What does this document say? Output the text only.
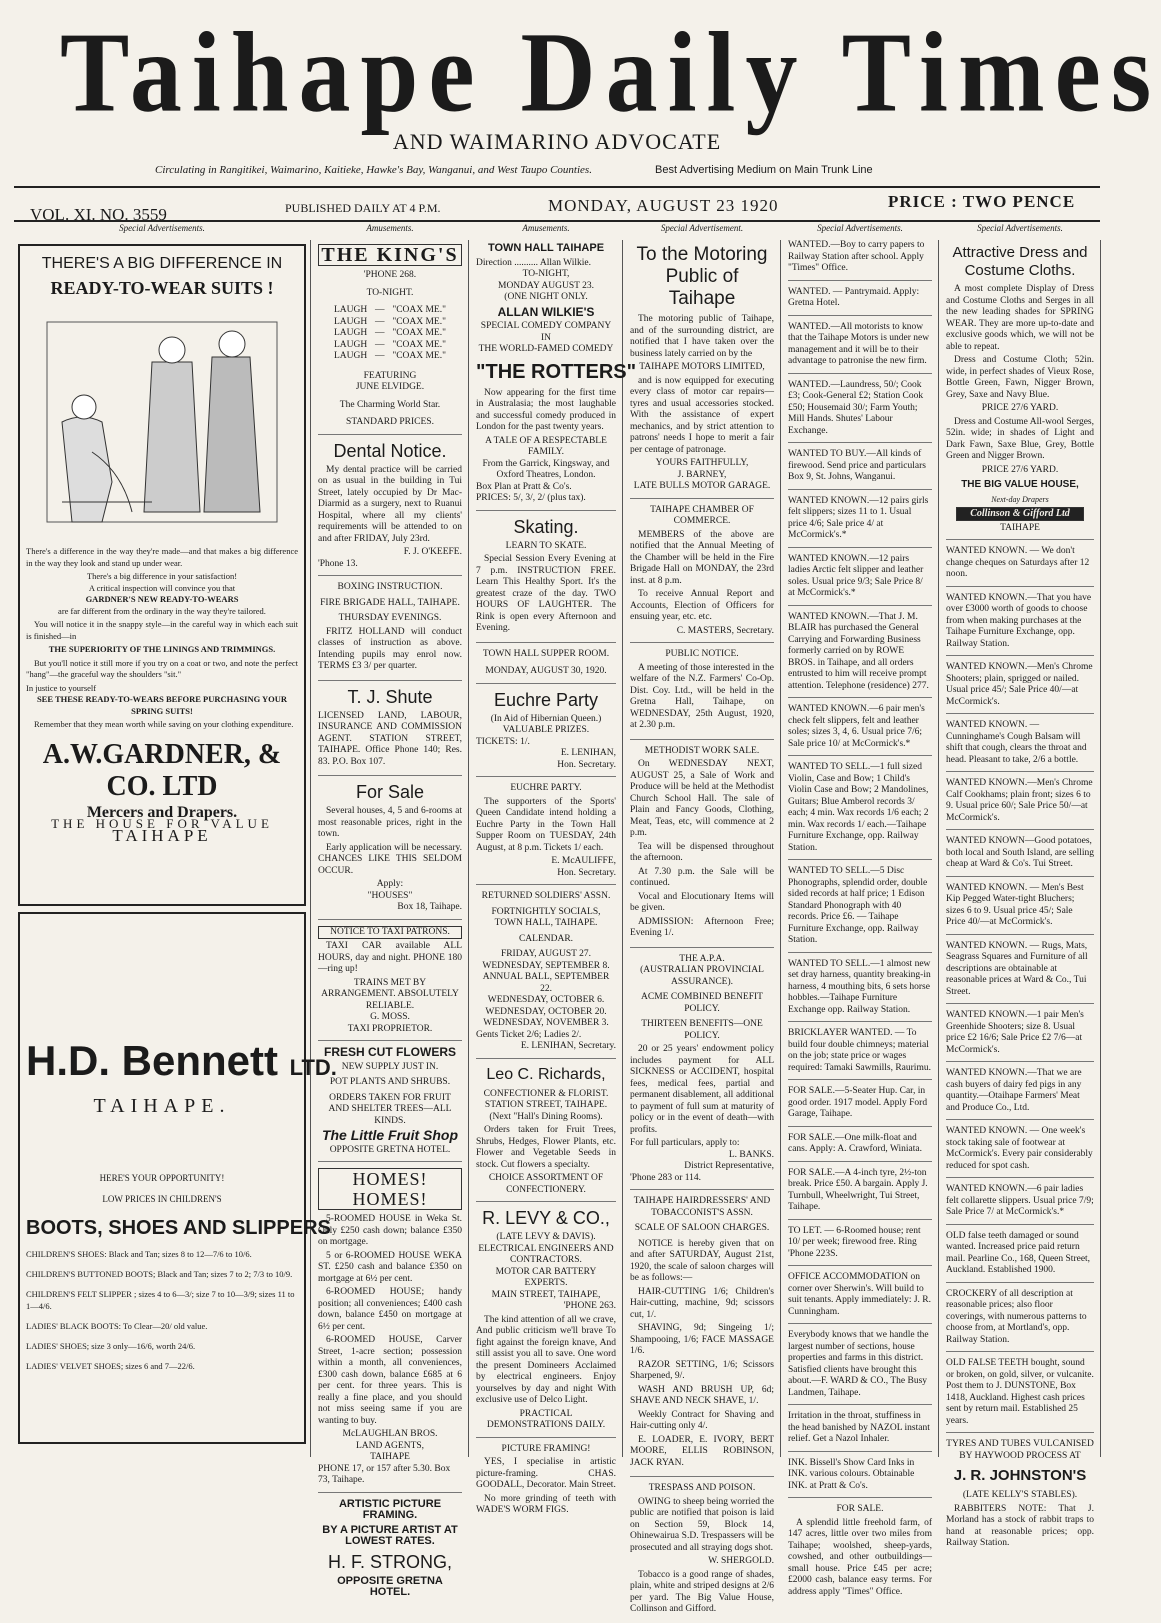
Taihape Daily Times
AND WAIMARINO ADVOCATE
Circulating in Rangitikei, Waimarino, Kaitieke, Hawke's Bay, Wanganui, and West Taupo Counties.	Best Advertising Medium on Main Trunk Line
VOL. XI. NO. 3559	PUBLISHED DAILY AT 4 P.M.	MONDAY, AUGUST 23 1920	PRICE : TWO PENCE
Special Advertisements.	Amusements.	Amusements.	Special Advertisement.	Special Advertisements.	Special Advertisements.
THERE'S A BIG DIFFERENCE IN
READY-TO-WEAR SUITS !

There's a difference in the way they're made—and that makes a big difference in the way they look and stand up under wear.

There's a big difference in your satisfaction!
A critical inspection will convince you that
GARDNER'S NEW READY-TO-WEARS
are far different from the ordinary in the way they're tailored.

You will notice it in the snappy style—in the careful way in which each suit is finished—in

THE SUPERIORITY OF THE LININGS AND TRIMMINGS.

But you'll notice it still more if you try on a coat or two, and note the perfect "hang"—the graceful way the shoulders "sit."

In justice to yourself
SEE THESE READY-TO-WEARS BEFORE PURCHASING YOUR SPRING SUITS!

Remember that they mean worth while saving on your clothing expenditure.

A.W.GARDNER, & CO. LTD
Mercers and Drapers.
THE HOUSE FOR VALUE
TAIHAPE
H.D. Bennett LTD.
TAIHAPE.
HERE'S YOUR OPPORTUNITY!
LOW PRICES IN CHILDREN'S
BOOTS, SHOES AND SLIPPERS
CHILDREN'S SHOES: Black and Tan; sizes 8 to 12—7/6 to 10/6.
CHILDREN'S BUTTONED BOOTS; Black and Tan; sizes 7 to 2; 7/3 to 10/9.
CHILDREN'S FELT SLIPPER ; sizes 4 to 6—3/; size 7 to 10—3/9; sizes 11 to 1—4/6.
LADIES' BLACK BOOTS: To Clear—20/ old value.
LADIES' SHOES; size 3 only—16/6, worth 24/6.
LADIES' VELVET SHOES; sizes 6 and 7—22/6.
THE KING'S
'PHONE 268.
TO-NIGHT.
LAUGH — "COAX ME."
LAUGH — "COAX ME."
LAUGH — "COAX ME."
LAUGH — "COAX ME."
LAUGH — "COAX ME."
FEATURING
JUNE ELVIDGE.
The Charming World Star.
STANDARD PRICES.
Dental Notice.

My dental practice will be carried on as usual in the building in Tui Street, lately occupied by Dr Mac-Diarmid as a surgery, next to Ruanui Hospital, where all my clients' requirements will be attended to on and after FRIDAY, July 23rd.

F. J. O'KEEFE.
'Phone 13.
BOXING INSTRUCTION.
FIRE BRIGADE HALL, TAIHAPE.
THURSDAY EVENINGS.

FRITZ HOLLAND will conduct classes of instruction as above. Intending pupils may enrol now. TERMS £3 3/ per quarter.

T. J. Shute

LICENSED LAND, LABOUR, INSURANCE AND COMMISSION AGENT. STATION STREET, TAIHAPE. Office Phone 140; Res. 83. P.O. Box 107.

For Sale

Several houses, 4, 5 and 6-rooms at most reasonable prices, right in the town.

Early application will be necessary. CHANCES LIKE THIS SELDOM OCCUR.

Apply:
"HOUSES"
Box 18, Taihape.
NOTICE TO TAXI PATRONS.

TAXI CAR available ALL HOURS, day and night. PHONE 180—ring up!

TRAINS MET BY ARRANGEMENT. ABSOLUTELY RELIABLE.
G. MOSS.
TAXI PROPRIETOR.
FRESH CUT FLOWERS
NEW SUPPLY JUST IN.
POT PLANTS AND SHRUBS.
ORDERS TAKEN FOR FRUIT AND SHELTER TREES—ALL KINDS.
The Little Fruit Shop
OPPOSITE GRETNA HOTEL.
HOMES! HOMES!

5-ROOMED HOUSE in Weka St. Only £250 cash down; balance £350 on mortgage.

5 or 6-ROOMED HOUSE WEKA ST. £250 cash and balance £350 on mortgage at 6½ per cent.

6-ROOMED HOUSE; handy position; all conveniences; £400 cash down, balance £450 on mortgage at 6½ per cent.

6-ROOMED HOUSE, Carver Street, 1-acre section; possession within a month, all conveniences, £300 cash down, balance £685 at 6 per cent. for three years. This is really a fine place, and you should not miss seeing same if you are wanting to buy.

McLAUGHLAN BROS.
LAND AGENTS,
TAIHAPE
PHONE 17, or 157 after 5.30. Box 73, Taihape.
ARTISTIC PICTURE FRAMING.
BY A PICTURE ARTIST AT LOWEST RATES.
H. F. STRONG,
OPPOSITE GRETNA HOTEL.
TOWN HALL TAIHAPE
Direction .......... Allan Wilkie.
TO-NIGHT,
MONDAY AUGUST 23.
(ONE NIGHT ONLY.
ALLAN WILKIE'S
SPECIAL COMEDY COMPANY
IN
THE WORLD-FAMED COMEDY
"THE ROTTERS"

Now appearing for the first time in Australasia; the most laughable and successful comedy produced in London for the past twenty years.

A TALE OF A RESPECTABLE FAMILY.
From the Garrick, Kingsway, and Oxford Theatres, London.
Box Plan at Pratt & Co's.
PRICES: 5/, 3/, 2/ (plus tax).
Skating.
LEARN TO SKATE.

Special Session Every Evening at 7 p.m. INSTRUCTION FREE. Learn This Healthy Sport. It's the greatest craze of the day. TWO HOURS OF LAUGHTER. The Rink is open every Afternoon and Evening.

TOWN HALL SUPPER ROOM.
MONDAY, AUGUST 30, 1920.
Euchre Party
(In Aid of Hibernian Queen.)
VALUABLE PRIZES.
TICKETS: 1/.
E. LENIHAN,
Hon. Secretary.
EUCHRE PARTY.

The supporters of the Sports' Queen Candidate intend holding a Euchre Party in the Town Hall Supper Room on TUESDAY, 24th August, at 8 p.m. Tickets 1/ each.

E. McAULIFFE,
Hon. Secretary.
RETURNED SOLDIERS' ASSN.
FORTNIGHTLY SOCIALS,
TOWN HALL, TAIHAPE.
CALENDAR.
FRIDAY, AUGUST 27.
WEDNESDAY, SEPTEMBER 8.
ANNUAL BALL, SEPTEMBER 22.
WEDNESDAY, OCTOBER 6.
WEDNESDAY, OCTOBER 20.
WEDNESDAY, NOVEMBER 3.
Gents Ticket 2/6; Ladies 2/.
E. LENIHAN, Secretary.
Leo C. Richards,
CONFECTIONER & FLORIST. STATION STREET, TAIHAPE. (Next "Hall's Dining Rooms).

Orders taken for Fruit Trees, Shrubs, Hedges, Flower Plants, etc. Flower and Vegetable Seeds in stock. Cut flowers a specialty.

CHOICE ASSORTMENT OF CONFECTIONERY.
R. LEVY & CO.,
(LATE LEVY & DAVIS).
ELECTRICAL ENGINEERS AND CONTRACTORS.
MOTOR CAR BATTERY EXPERTS.
MAIN STREET, TAIHAPE,
'PHONE 263.

The kind attention of all we crave, And public criticism we'll brave To fight against the foreign knave, And still assist you all to save. One word the present Domineers Acclaimed by electrical engineers. Enjoy yourselves by day and night With exclusive use of Delco Light.

PRACTICAL DEMONSTRATIONS DAILY.
PICTURE FRAMING!

YES, I specialise in artistic picture-framing. CHAS. GOODALL, Decorator. Main Street.

No more grinding of teeth with WADE'S WORM FIGS.

To the Motoring Public of Taihape

The motoring public of Taihape, and of the surrounding district, are notified that I have taken over the business lately carried on by the

TAIHAPE MOTORS LIMITED,

and is now equipped for executing every class of motor car repairs—tyres and usual accessories stocked. With the assistance of expert mechanics, and by strict attention to patrons' needs I hope to merit a fair per centage of patronage.

YOURS FAITHFULLY,
J. BARNEY,
LATE BULLS MOTOR GARAGE.
TAIHAPE CHAMBER OF COMMERCE.

MEMBERS of the above are notified that the Annual Meeting of the Chamber will be held in the Fire Brigade Hall on MONDAY, the 23rd inst. at 8 p.m.

To receive Annual Report and Accounts, Election of Officers for ensuing year, etc. etc.

C. MASTERS, Secretary.
PUBLIC NOTICE.

A meeting of those interested in the welfare of the N.Z. Farmers' Co-Op. Dist. Coy. Ltd., will be held in the Gretna Hall, Taihape, on WEDNESDAY, 25th August, 1920, at 2.30 p.m.

METHODIST WORK SALE.

On WEDNESDAY NEXT, AUGUST 25, a Sale of Work and Produce will be held at the Methodist Church School Hall. The sale of Plain and Fancy Goods, Clothing, Meat, Teas, etc, will commence at 2 p.m.

Tea will be dispensed throughout the afternoon.

At 7.30 p.m. the Sale will be continued.

Vocal and Elocutionary Items will be given.

ADMISSION: Afternoon Free; Evening 1/.

THE A.P.A.
(AUSTRALIAN PROVINCIAL ASSURANCE).
ACME COMBINED BENEFIT POLICY.
THIRTEEN BENEFITS—ONE POLICY.

20 or 25 years' endowment policy includes payment for ALL SICKNESS or ACCIDENT, hospital fees, medical fees, partial and permanent disablement, all additional to payment of full sum at maturity of policy or in the event of death—with profits.

For full particulars, apply to:
L. BANKS.
District Representative,
'Phone 283 or 114.
TAIHAPE HAIRDRESSERS' AND TOBACCONIST'S ASSN.
SCALE OF SALOON CHARGES.

NOTICE is hereby given that on and after SATURDAY, August 21st, 1920, the scale of saloon charges will be as follows:—

HAIR-CUTTING 1/6; Children's Hair-cutting, machine, 9d; scissors cut, 1/.

SHAVING, 9d; Singeing 1/; Shampooing, 1/6; FACE MASSAGE 1/6.

RAZOR SETTING, 1/6; Scissors Sharpened, 9/.

WASH AND BRUSH UP, 6d; SHAVE AND NECK SHAVE, 1/.

Weekly Contract for Shaving and Hair-cutting only 4/.

E. LOADER, E. IVORY, BERT MOORE, ELLIS ROBINSON, JACK RYAN.

TRESPASS AND POISON.

OWING to sheep being worried the public are notified that poison is laid on Section 59, Block 14, Ohinewairua S.D. Trespassers will be prosecuted and all straying dogs shot.

W. SHERGOLD.

Tobacco is a good range of shades, plain, white and striped designs at 2/6 per yard. The Big Value House, Collinson and Gifford.

WANTED.—Boy to carry papers to Railway Station after school. Apply "Times" Office.
WANTED. — Pantrymaid. Apply: Gretna Hotel.
WANTED.—All motorists to know that the Taihape Motors is under new management and it will be to their advantage to patronise the new firm.
WANTED.—Laundress, 50/; Cook £3; Cook-General £2; Station Cook £50; Housemaid 30/; Farm Youth; Mill Hands. Shutes' Labour Exchange.
WANTED TO BUY.—All kinds of firewood. Send price and particulars Box 9, St. Johns, Wanganui.
WANTED KNOWN.—12 pairs girls felt slippers; sizes 11 to 1. Usual price 4/6; Sale price 4/ at McCormick's.*
WANTED KNOWN.—12 pairs ladies Arctic felt slipper and leather soles. Usual price 9/3; Sale Price 8/ at McCormick's.*
WANTED KNOWN.—That J. M. BLAIR has purchased the General Carrying and Forwarding Business formerly carried on by ROWE BROS. in Taihape, and all orders entrusted to him will receive prompt attention. Telephone (residence) 277.
WANTED KNOWN.—6 pair men's check felt slippers, felt and leather soles; sizes 3, 4, 6. Usual price 7/6; Sale price 10/ at McCormick's.*
WANTED TO SELL.—1 full sized Violin, Case and Bow; 1 Child's Violin Case and Bow; 2 Mandolines, Guitars; Blue Amberol records 3/ each; 4 min. Wax records 1/6 each; 2 min. Wax records 1/ each.—Taihape Furniture Exchange, opp. Railway Station.
WANTED TO SELL.—5 Disc Phonographs, splendid order, double sided records at half price; 1 Edison Standard Phonograph with 40 records. Price £6. — Taihape Furniture Exchange, opp. Railway Station.
WANTED TO SELL.—1 almost new set dray harness, quantity breaking-in harness, 4 mouthing bits, 6 sets horse hobbles.—Taihape Furniture Exchange opp. Railway Station.
BRICKLAYER WANTED. — To build four double chimneys; material on the job; state price or wages required: Tamaki Sawmills, Raurimu.
FOR SALE.—5-Seater Hup. Car, in good order. 1917 model. Apply Ford Garage, Taihape.
FOR SALE.—One milk-float and cans. Apply: A. Crawford, Winiata.
FOR SALE.—A 4-inch tyre, 2½-ton break. Price £50. A bargain. Apply J. Turnbull, Wheelwright, Tui Street, Taihape.
TO LET. — 6-Roomed house; rent 10/ per week; firewood free. Ring 'Phone 223S.
OFFICE ACCOMMODATION on corner over Sherwin's. Will build to suit tenants. Apply immediately: J. R. Cunningham.
Everybody knows that we handle the largest number of sections, house properties and farms in this district. Satisfied clients have brought this about.—F. WARD & CO., The Busy Landmen, Taihape.
Irritation in the throat, stuffiness in the head banished by NAZOL instant relief. Get a Nazol Inhaler.
INK. Bissell's Show Card Inks in INK. various colours. Obtainable INK. at Pratt & Co's.
FOR SALE.

A splendid little freehold farm, of 147 acres, little over two miles from Taihape; woolshed, sheep-yards, cowshed, and other outbuildings—small house. Price £45 per acre; £2000 cash, balance easy terms. For address apply "Times" Office.

Attractive Dress and Costume Cloths.

A most complete Display of Dress and Costume Cloths and Serges in all the new leading shades for SPRING WEAR. They are more up-to-date and exclusive goods which, we will not be able to repeat.

Dress and Costume Cloth; 52in. wide, in perfect shades of Vieux Rose, Bottle Green, Fawn, Nigger Brown, Grey, Saxe and Navy Blue.

PRICE 27/6 YARD.

Dress and Costume All-wool Serges, 52in. wide; in shades of Light and Dark Fawn, Saxe Blue, Grey, Bottle Green and Nigger Brown.

PRICE 27/6 YARD.
THE BIG VALUE HOUSE,
Next-day Drapers
Collinson & Gifford Ltd
TAIHAPE
WANTED KNOWN. — We don't change cheques on Saturdays after 12 noon.
WANTED KNOWN.—That you have over £3000 worth of goods to choose from when making purchases at the Taihape Furniture Exchange, opp. Railway Station.
WANTED KNOWN.—Men's Chrome Shooters; plain, sprigged or nailed. Usual price 45/; Sale Price 40/—at McCormick's.
WANTED KNOWN. — Cunninghame's Cough Balsam will shift that cough, clears the throat and head. Pleasant to take, 2/6 a bottle.
WANTED KNOWN.—Men's Chrome Calf Cookhams; plain front; sizes 6 to 9. Usual price 60/; Sale Price 50/—at McCormick's.
WANTED KNOWN—Good potatoes, both local and South Island, are selling cheap at Ward & Co's. Tui Street.
WANTED KNOWN. — Men's Best Kip Pegged Water-tight Bluchers; sizes 6 to 9. Usual price 45/; Sale Price 40/—at McCormick's.
WANTED KNOWN. — Rugs, Mats, Seagrass Squares and Furniture of all descriptions are obtainable at reasonable prices at Ward & Co., Tui Street.
WANTED KNOWN.—1 pair Men's Greenhide Shooters; size 8. Usual price £2 16/6; Sale Price £2 7/6—at McCormick's.
WANTED KNOWN.—That we are cash buyers of dairy fed pigs in any quantity.—Otaihape Farmers' Meat and Produce Co., Ltd.
WANTED KNOWN. — One week's stock taking sale of footwear at McCormick's. Every pair considerably reduced for spot cash.
WANTED KNOWN.—6 pair ladies felt collarette slippers. Usual price 7/9; Sale Price 7/ at McCormick's.*
OLD false teeth damaged or sound wanted. Increased price paid return mail. Pearline Co., 168, Queen Street, Auckland. Established 1900.
CROCKERY of all description at reasonable prices; also floor coverings, with numerous patterns to choose from, at Mortland's, opp. Railway Station.
OLD FALSE TEETH bought, sound or broken, on gold, silver, or vulcanite. Post them to J. DUNSTONE, Box 1418, Auckland. Highest cash prices sent by return mail. Established 25 years.
TYRES AND TUBES VULCANISED BY HAYWOOD PROCESS AT
J. R. JOHNSTON'S
(LATE KELLY'S STABLES).

RABBITERS NOTE: That J. Morland has a stock of rabbit traps to hand at reasonable prices; opp. Railway Station.
